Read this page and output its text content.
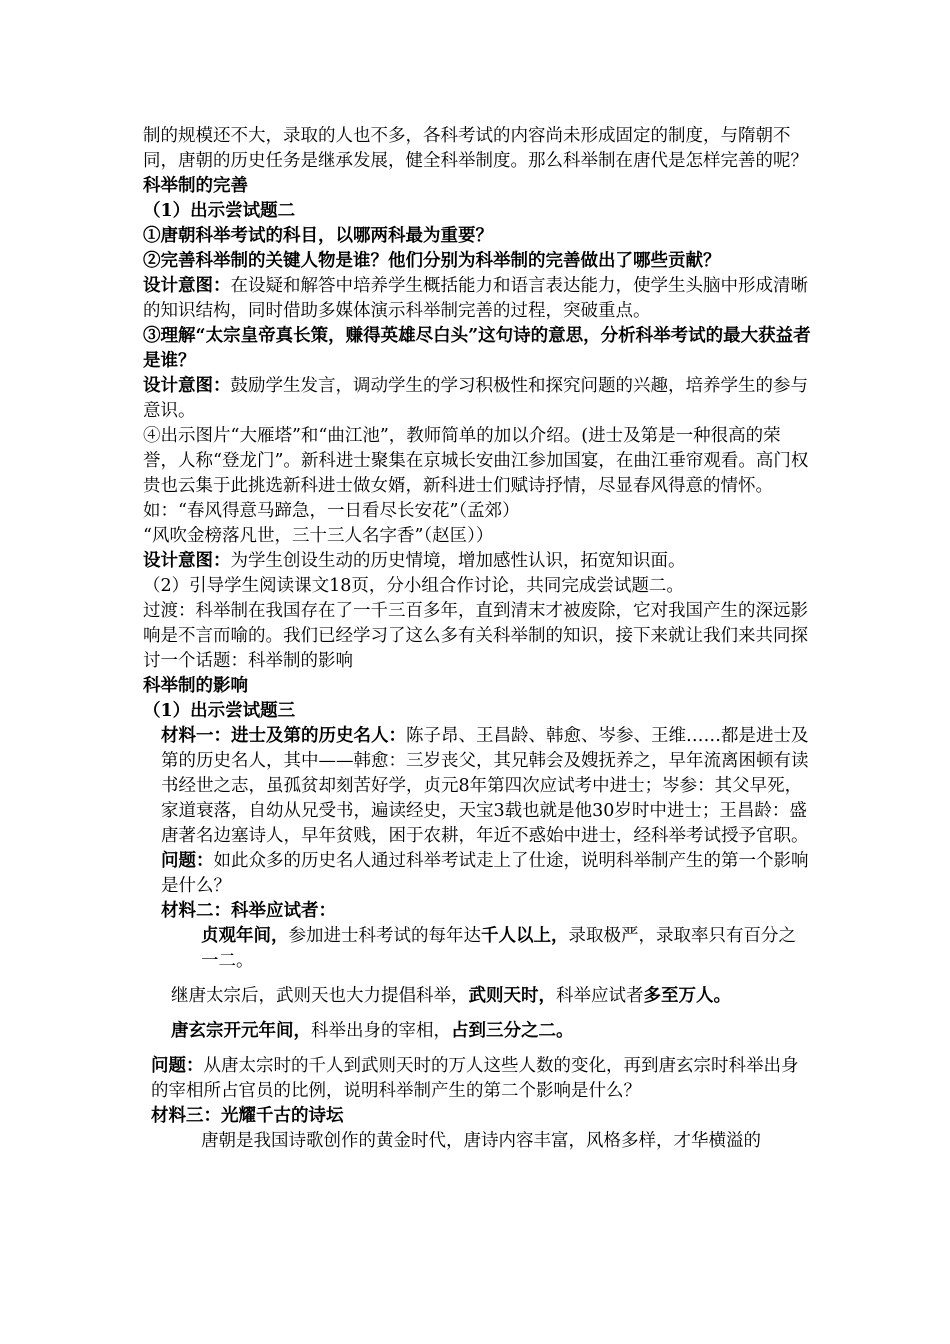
制的规模还不大，录取的人也不多，各科考试的内容尚未形成固定的制度，与隋朝不同，唐朝的历史任务是继承发展，健全科举制度。那么科举制在唐代是怎样完善的呢？

科举制的完善

（1）出示尝试题二

①唐朝科举考试的科目，以哪两科最为重要？

②完善科举制的关键人物是谁？他们分别为科举制的完善做出了哪些贡献？

设计意图：在设疑和解答中培养学生概括能力和语言表达能力，使学生头脑中形成清晰的知识结构，同时借助多媒体演示科举制完善的过程，突破重点。

③理解“太宗皇帝真长策，赚得英雄尽白头”这句诗的意思，分析科举考试的最大获益者是谁？

设计意图：鼓励学生发言，调动学生的学习积极性和探究问题的兴趣，培养学生的参与意识。

④出示图片“大雁塔”和“曲江池”，教师简单的加以介绍。(进士及第是一种很高的荣誉，人称“登龙门”。新科进士聚集在京城长安曲江参加国宴，在曲江垂帘观看。高门权贵也云集于此挑选新科进士做女婿，新科进士们赋诗抒情，尽显春风得意的情怀。

如：“春风得意马蹄急，一日看尽长安花”（孟郊）

“风吹金榜落凡世，三十三人名字香”（赵匡））

设计意图：为学生创设生动的历史情境，增加感性认识，拓宽知识面。

（2）引导学生阅读课文18页，分小组合作讨论，共同完成尝试题二。

过渡：科举制在我国存在了一千三百多年，直到清末才被废除，它对我国产生的深远影响是不言而喻的。我们已经学习了这么多有关科举制的知识，接下来就让我们来共同探讨一个话题：科举制的影响

科举制的影响

（1）出示尝试题三

材料一：进士及第的历史名人：陈子昂、王昌龄、韩愈、岑参、王维……都是进士及第的历史名人，其中——韩愈：三岁丧父，其兄韩会及嫂抚养之，早年流离困顿有读书经世之志，虽孤贫却刻苦好学，贞元8年第四次应试考中进士；岑参：其父早死，家道衰落，自幼从兄受书，遍读经史，天宝3载也就是他30岁时中进士；王昌龄：盛唐著名边塞诗人，早年贫贱，困于农耕，年近不惑始中进士，经科举考试授予官职。

问题：如此众多的历史名人通过科举考试走上了仕途，说明科举制产生的第一个影响是什么？

材料二：科举应试者：

贞观年间，参加进士科考试的每年达千人以上，录取极严，录取率只有百分之一二。

继唐太宗后，武则天也大力提倡科举，武则天时，科举应试者多至万人。

唐玄宗开元年间，科举出身的宰相，占到三分之二。

问题：从唐太宗时的千人到武则天时的万人这些人数的变化，再到唐玄宗时科举出身的宰相所占官员的比例，说明科举制产生的第二个影响是什么？

材料三：光耀千古的诗坛

唐朝是我国诗歌创作的黄金时代，唐诗内容丰富，风格多样，才华横溢的
